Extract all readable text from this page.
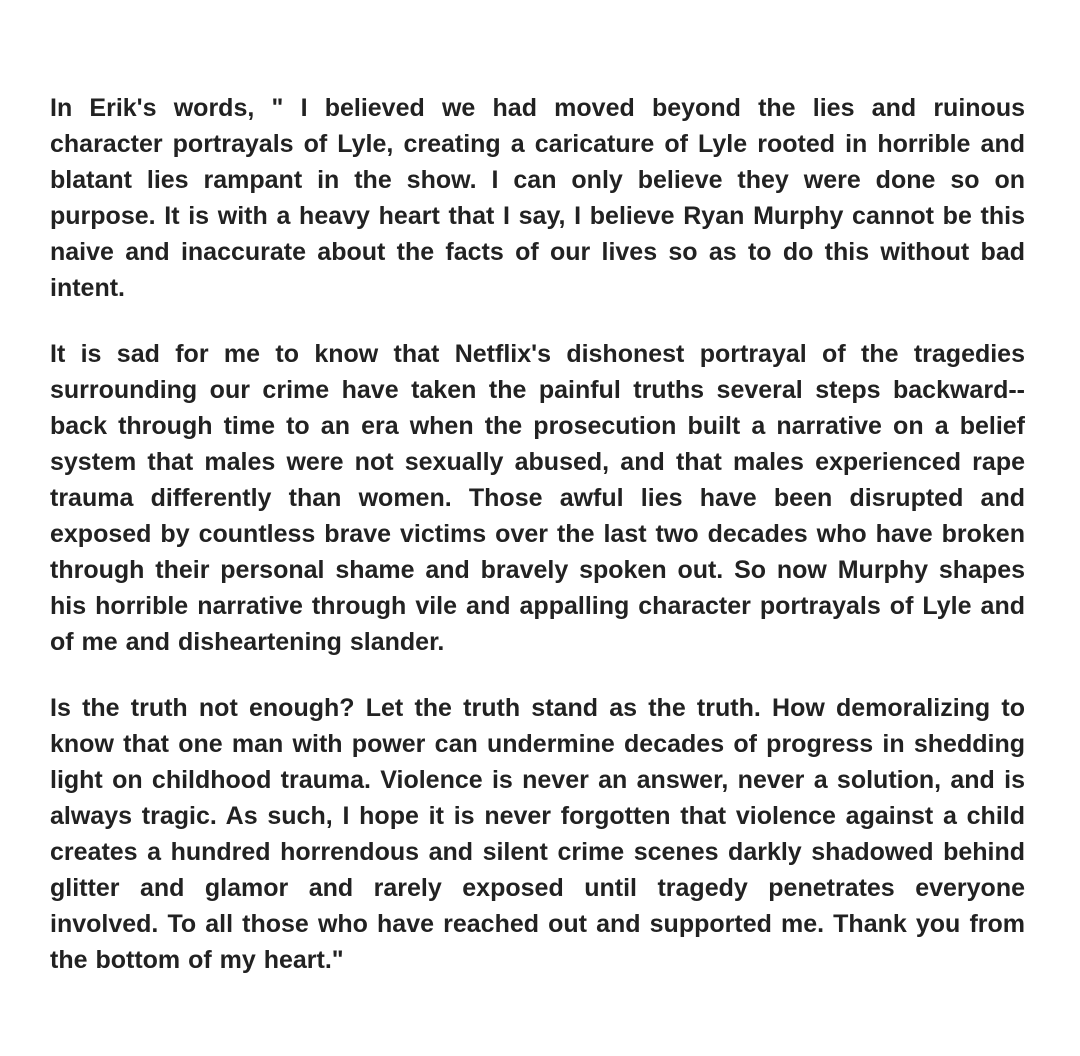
In Erik's words, " I believed we had moved beyond the lies and ruinous character portrayals of Lyle, creating a caricature of Lyle rooted in horrible and blatant lies rampant in the show. I can only believe they were done so on purpose. It is with a heavy heart that I say, I believe Ryan Murphy cannot be this naive and inaccurate about the facts of our lives so as to do this without bad intent.

It is sad for me to know that Netflix's dishonest portrayal of the tragedies surrounding our crime have taken the painful truths several steps backward-- back through time to an era when the prosecution built a narrative on a belief system that males were not sexually abused, and that males experienced rape trauma differently than women. Those awful lies have been disrupted and exposed by countless brave victims over the last two decades who have broken through their personal shame and bravely spoken out. So now Murphy shapes his horrible narrative through vile and appalling character portrayals of Lyle and of me and disheartening slander.

Is the truth not enough? Let the truth stand as the truth. How demoralizing to know that one man with power can undermine decades of progress in shedding light on childhood trauma. Violence is never an answer, never a solution, and is always tragic. As such, I hope it is never forgotten that violence against a child creates a hundred horrendous and silent crime scenes darkly shadowed behind glitter and glamor and rarely exposed until tragedy penetrates everyone involved. To all those who have reached out and supported me. Thank you from the bottom of my heart."
